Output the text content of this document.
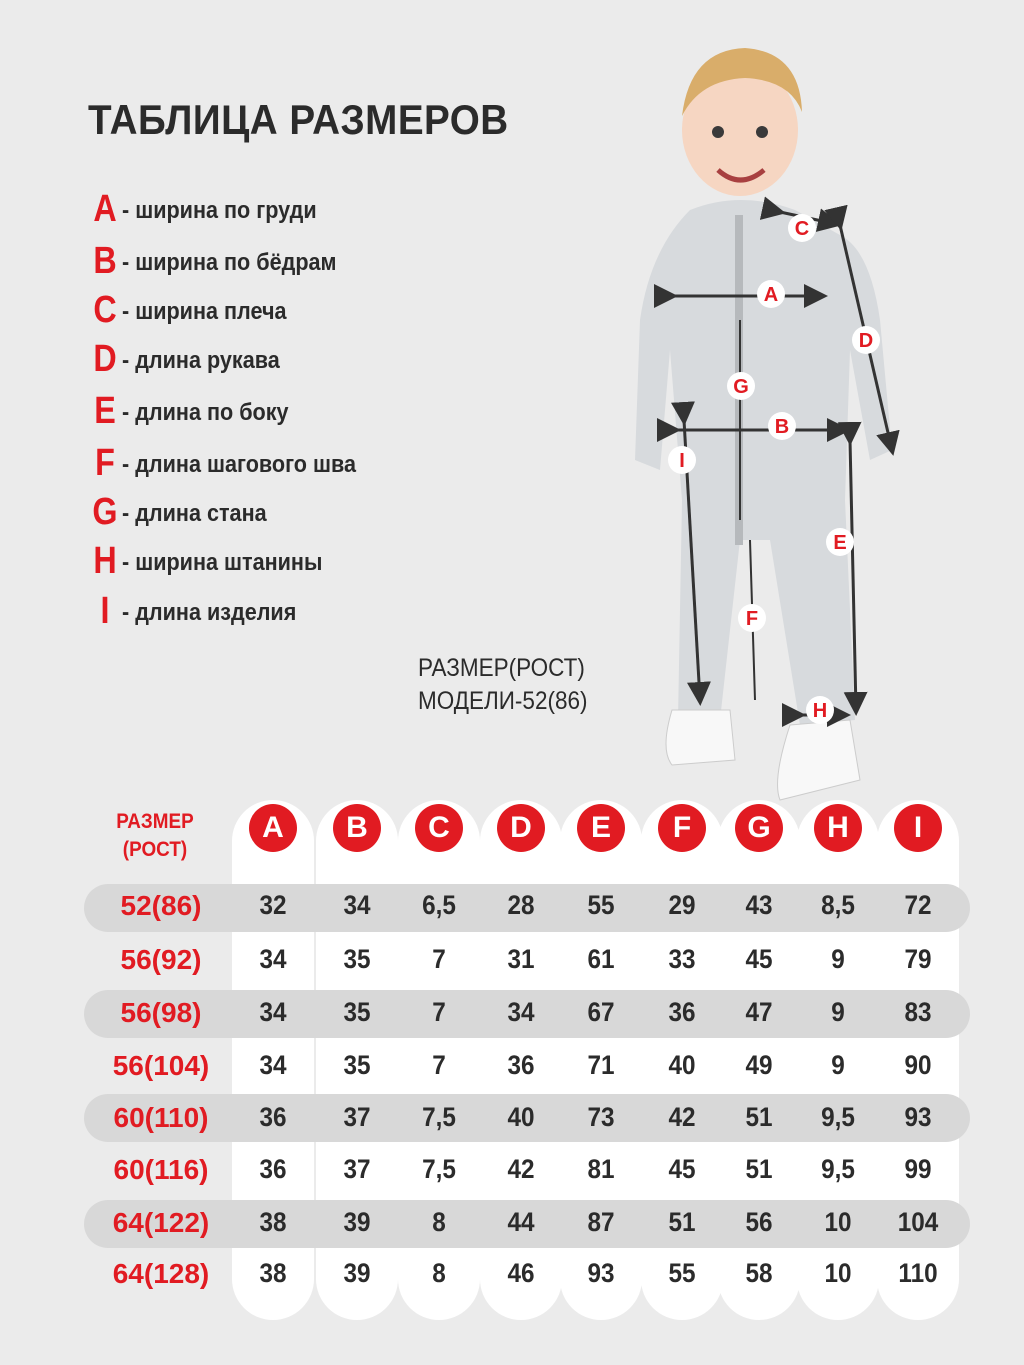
ТАБЛИЦА РАЗМЕРОВ
A - ширина по груди
B - ширина по бёдрам
C - ширина плеча
D - длина рукава
E - длина по боку
F - длина шагового шва
G - длина стана
H - ширина штанины
I - длина изделия
РАЗМЕР(РОСТ)
МОДЕЛИ-52(86)
A
B
C
D
E
F
G
H
I
РАЗМЕР
(РОСТ)
A	B	C	D	E	F	G	H	I
52(86)	32	34	6,5	28	55	29	43	8,5	72
56(92)	34	35	7	31	61	33	45	9	79
56(98)	34	35	7	34	67	36	47	9	83
56(104)	34	35	7	36	71	40	49	9	90
60(110)	36	37	7,5	40	73	42	51	9,5	93
60(116)	36	37	7,5	42	81	45	51	9,5	99
64(122)	38	39	8	44	87	51	56	10	104
64(128)	38	39	8	46	93	55	58	10	110
